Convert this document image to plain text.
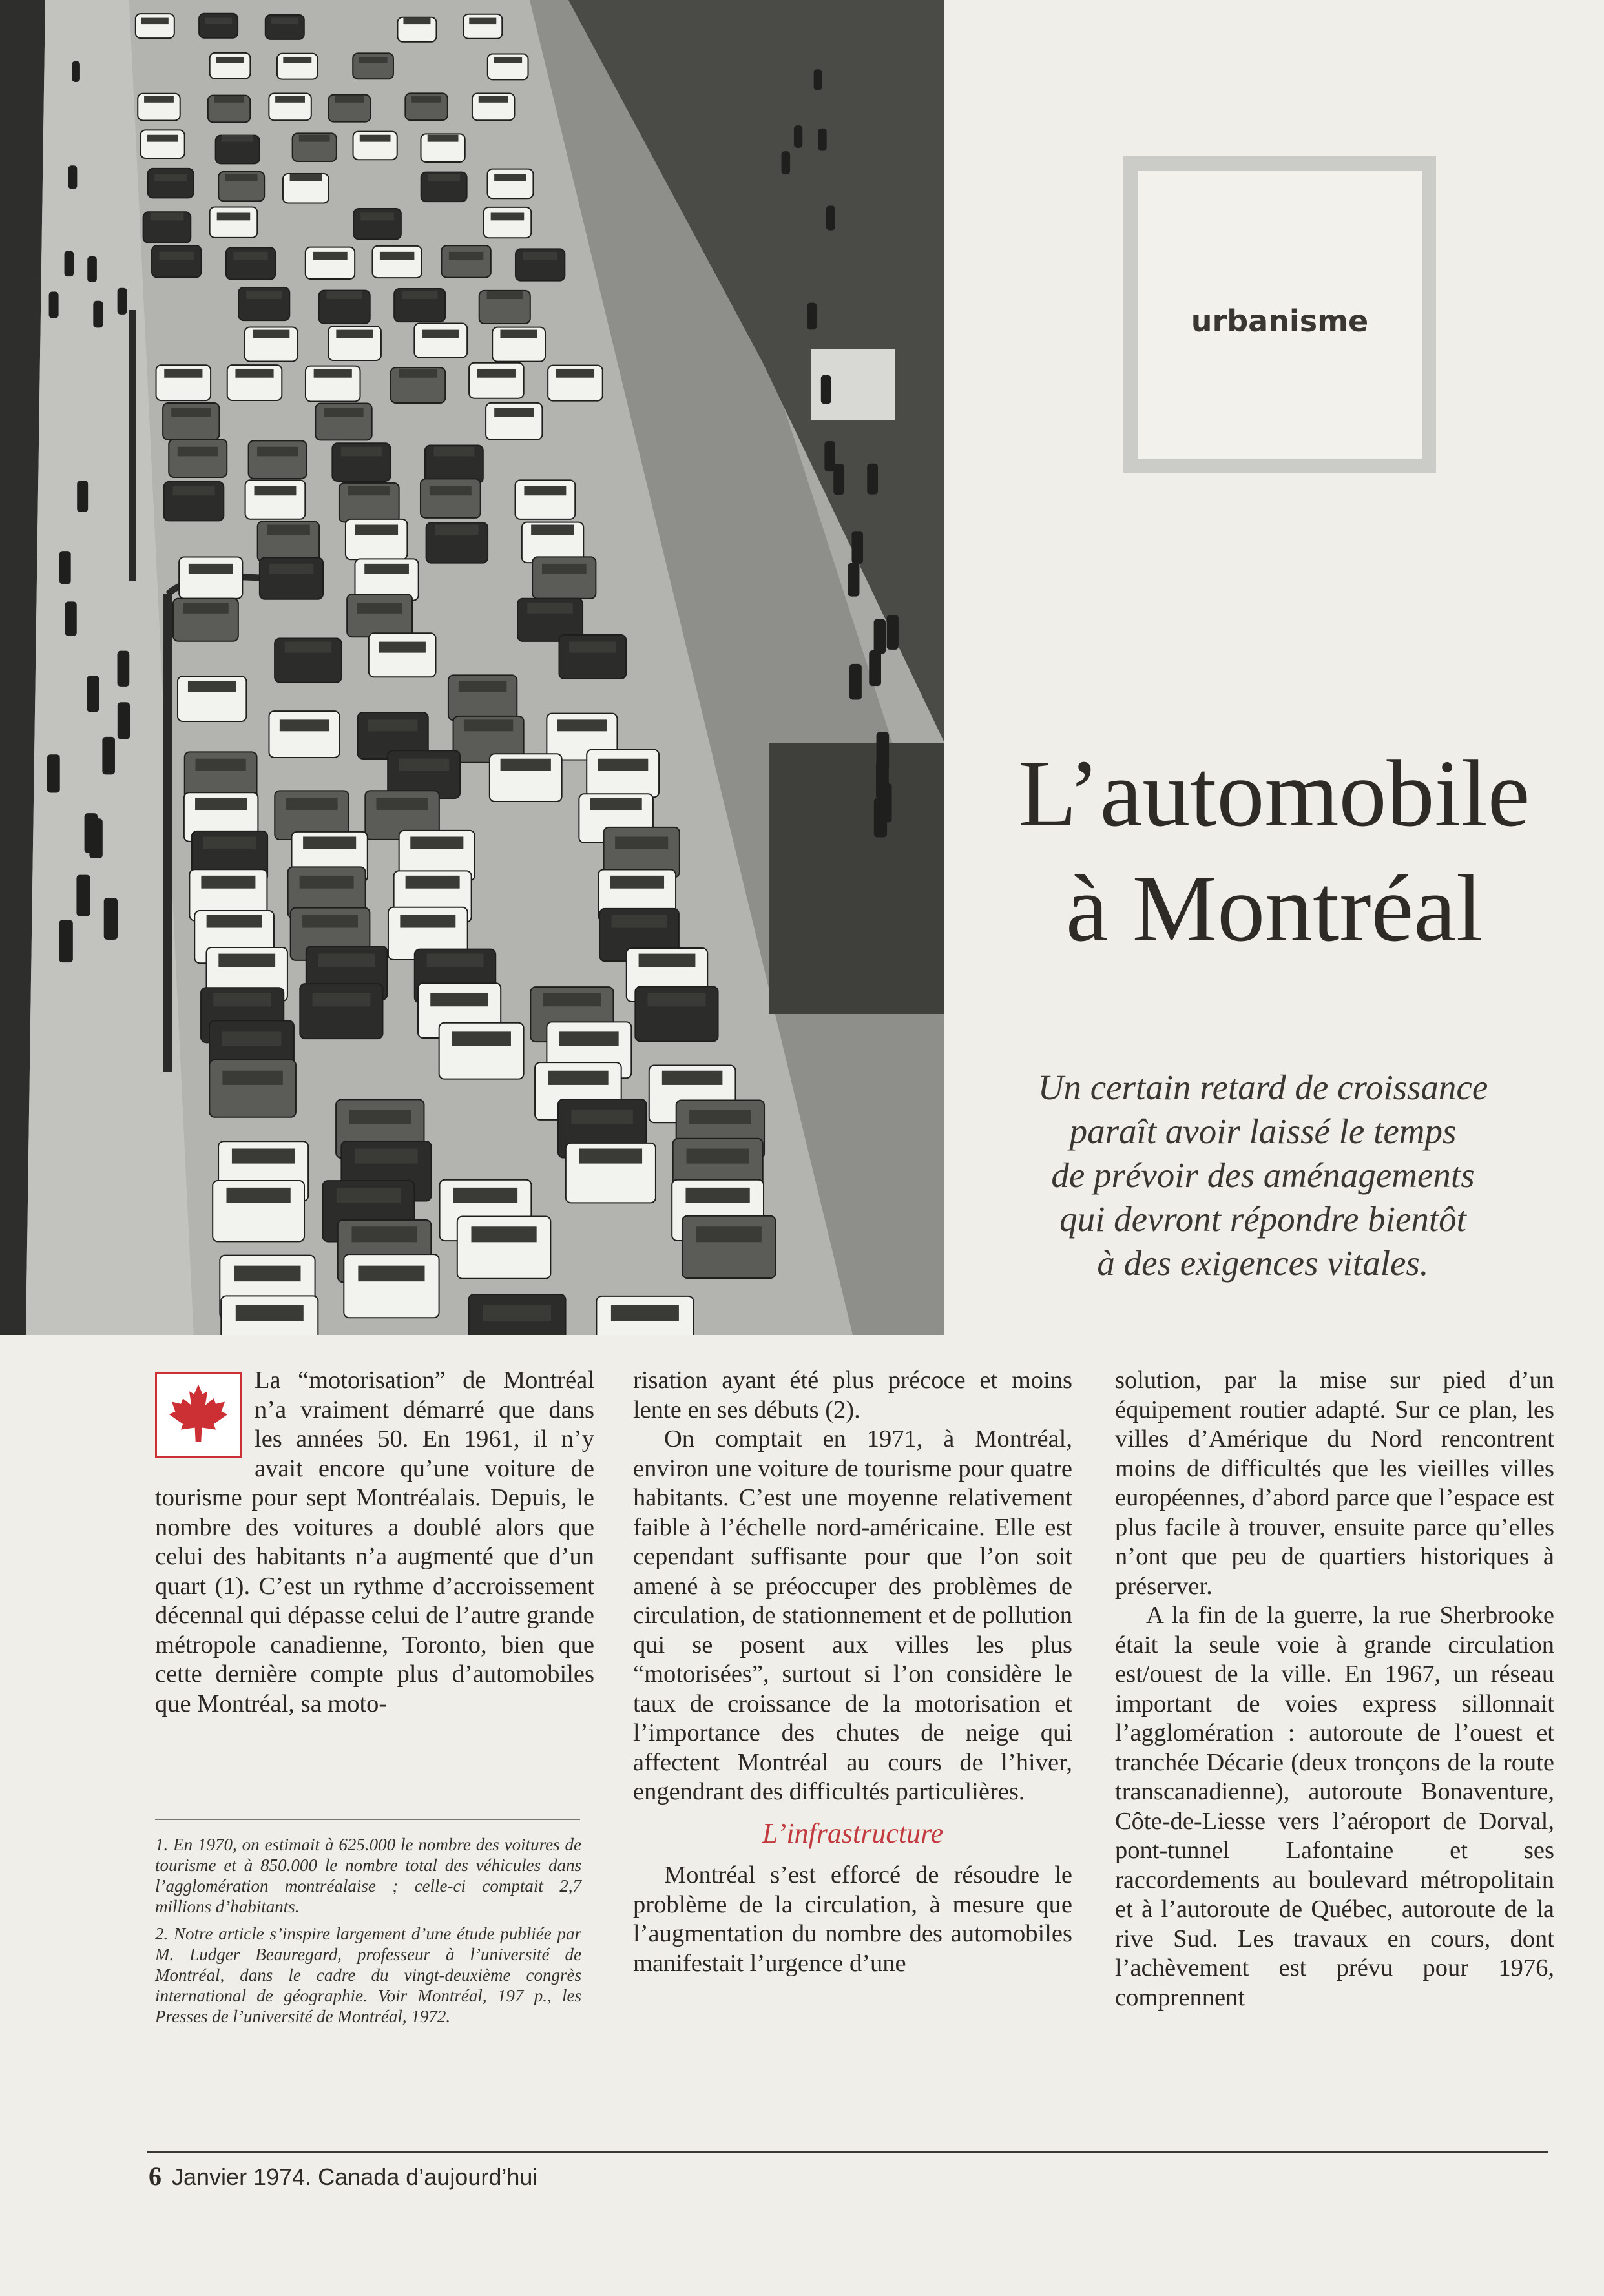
urbanisme
L’automobile
à Montréal

Un certain retard de croissance
paraît avoir laissé le temps
de prévoir des aménagements
qui devront répondre bientôt
à des exigences vitales.

La “motorisation” de Montréal n’a vraiment démarré que dans les années 50. En 1961, il n’y avait encore qu’une voiture de tourisme pour sept Montréalais. Depuis, le nombre des voitures a doublé alors que celui des habitants n’a augmenté que d’un quart (1). C’est un rythme d’accroissement décennal qui dépasse celui de l’autre grande métropole canadienne, Toronto, bien que cette dernière compte plus d’automobiles que Montréal, sa moto-

1. En 1970, on estimait à 625.000 le nombre des voitures de tourisme et à 850.000 le nombre total des véhicules dans l’agglomération montréalaise ; celle-ci comptait 2,7 millions d’habitants.

2. Notre article s’inspire largement d’une étude publiée par M. Ludger Beauregard, professeur à l’université de Montréal, dans le cadre du vingt-deuxième congrès international de géographie. Voir Montréal, 197 p., les Presses de l’université de Montréal, 1972.

risation ayant été plus précoce et moins lente en ses débuts (2).

On comptait en 1971, à Montréal, environ une voiture de tourisme pour quatre habitants. C’est une moyenne relativement faible à l’échelle nord-américaine. Elle est cependant suffisante pour que l’on soit amené à se préoccuper des problèmes de circulation, de stationnement et de pollution qui se posent aux villes les plus “motorisées”, surtout si l’on considère le taux de croissance de la motorisation et l’importance des chutes de neige qui affectent Montréal au cours de l’hiver, engendrant des difficultés particulières.

L’infrastructure

Montréal s’est efforcé de résoudre le problème de la circulation, à mesure que l’augmentation du nombre des automobiles manifestait l’urgence d’une

solution, par la mise sur pied d’un équipement routier adapté. Sur ce plan, les villes d’Amérique du Nord rencontrent moins de difficultés que les vieilles villes européennes, d’abord parce que l’espace est plus facile à trouver, ensuite parce qu’elles n’ont que peu de quartiers historiques à préserver.

A la fin de la guerre, la rue Sherbrooke était la seule voie à grande circulation est/ouest de la ville. En 1967, un réseau important de voies express sillonnait l’agglomération : autoroute de l’ouest et tranchée Décarie (deux tronçons de la route transcanadienne), autoroute Bonaventure, Côte-de-Liesse vers l’aéroport de Dorval, pont-tunnel Lafontaine et ses raccordements au boulevard métropolitain et à l’autoroute de Québec, autoroute de la rive Sud. Les travaux en cours, dont l’achèvement est prévu pour 1976, comprennent

6 Janvier 1974. Canada d’aujourd’hui
